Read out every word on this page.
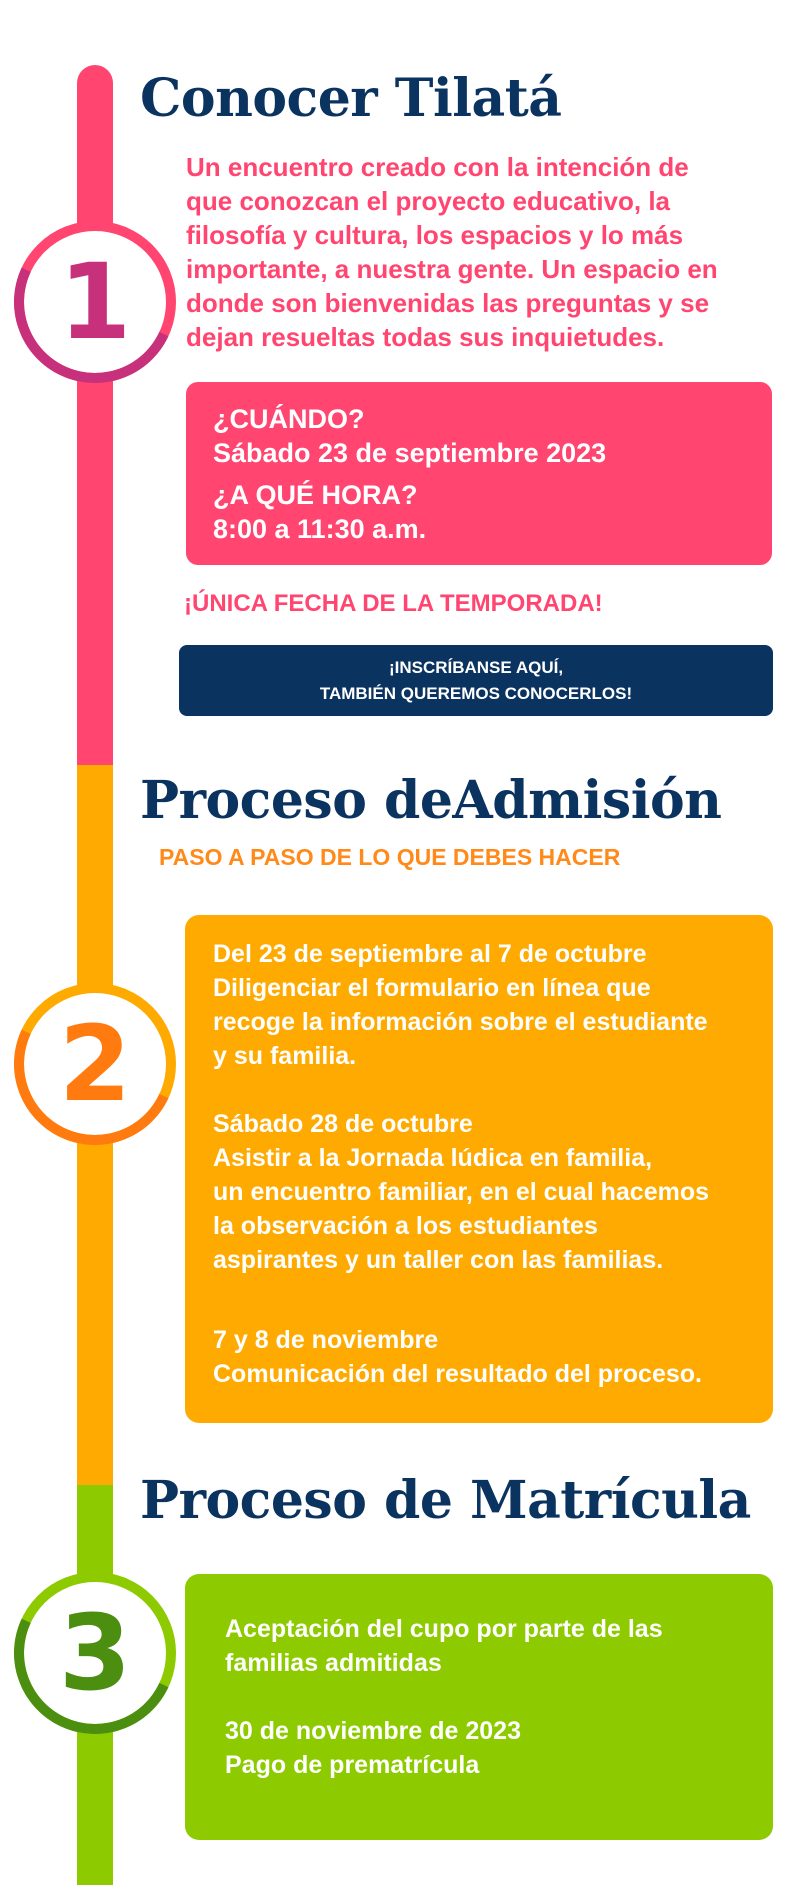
1
2
3
Conocer Tilatá
Un encuentro creado con la intención de
que conozcan el proyecto educativo, la
filosofía y cultura, los espacios y lo más
importante, a nuestra gente. Un espacio en
donde son bienvenidas las preguntas y se
dejan resueltas todas sus inquietudes.
¿CUÁNDO?
Sábado 23 de septiembre 2023
¿A QUÉ HORA?
8:00 a 11:30 a.m.
¡ÚNICA FECHA DE LA TEMPORADA!
¡INSCRÍBANSE AQUÍ,
TAMBIÉN QUEREMOS CONOCERLOS!
Proceso deAdmisión
PASO A PASO DE LO QUE DEBES HACER
Del 23 de septiembre al 7 de octubre
Diligenciar el formulario en línea que
recoge la información sobre el estudiante
y su familia.
Sábado 28 de octubre
Asistir a la Jornada lúdica en familia,
un encuentro familiar, en el cual hacemos
la observación a los estudiantes
aspirantes y un taller con las familias.
7 y 8 de noviembre
Comunicación del resultado del proceso.
Proceso de Matrícula
Aceptación del cupo por parte de las
familias admitidas
30 de noviembre de 2023
Pago de prematrícula
